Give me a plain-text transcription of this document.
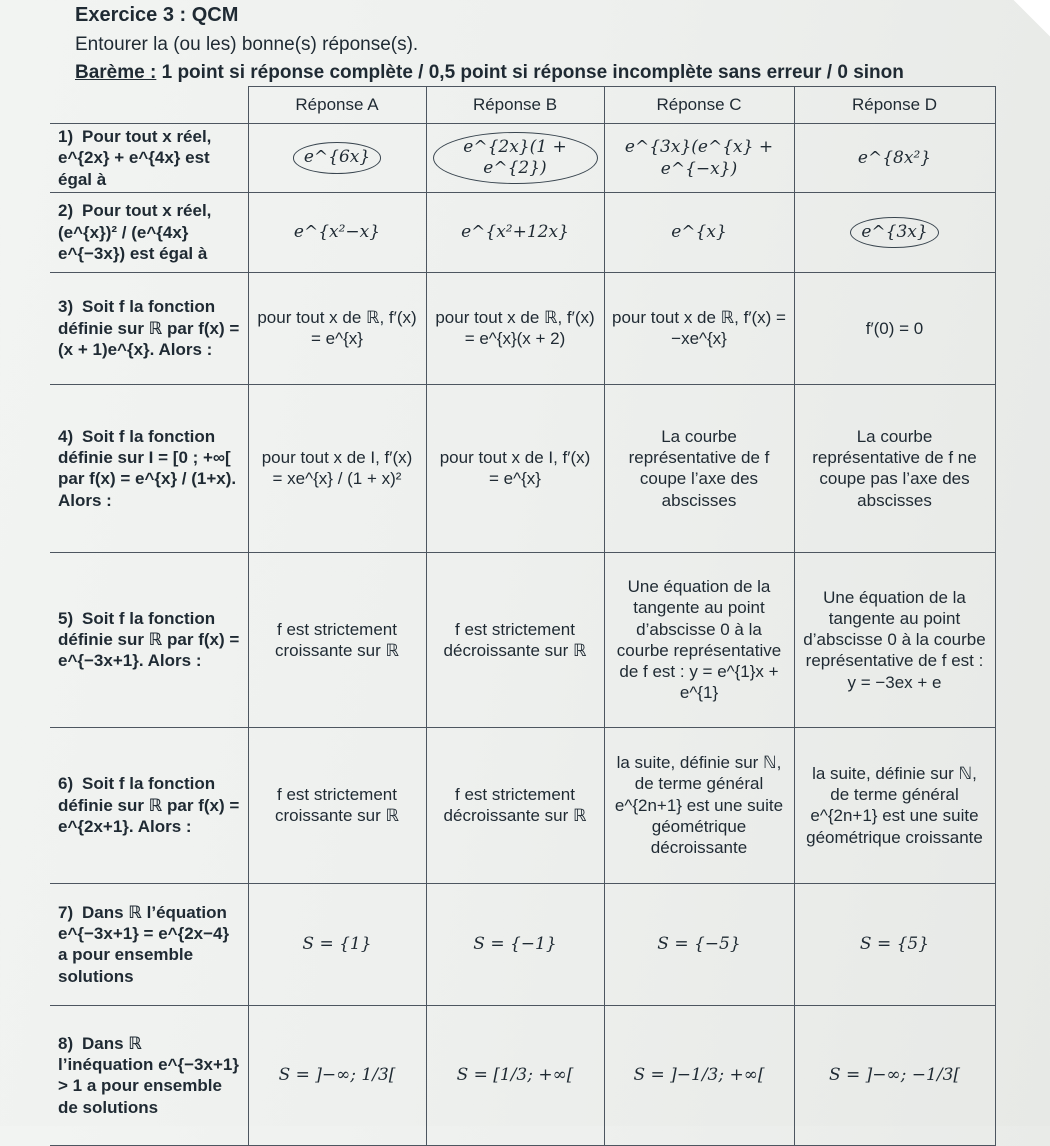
Exercice 3 : QCM
Entourer la (ou les) bonne(s) réponse(s).
Barème : 1 point si réponse complète / 0,5 point si réponse incomplète sans erreur / 0 sinon
	Réponse A	Réponse B	Réponse C	Réponse D
1) Pour tout x réel, e^{2x} + e^{4x} est égal à	e^{6x}	e^{2x}(1 + e^{2})	e^{3x}(e^{x} + e^{−x})	e^{8x²}
2) Pour tout x réel, (e^{x})² / (e^{4x} e^{−3x}) est égal à	e^{x²−x}	e^{x²+12x}	e^{x}	e^{3x}
3) Soit f la fonction définie sur ℝ par f(x) = (x + 1)e^{x}. Alors :	pour tout x de ℝ, f′(x) = e^{x}	pour tout x de ℝ, f′(x) = e^{x}(x + 2)	pour tout x de ℝ, f′(x) = −xe^{x}	f′(0) = 0
4) Soit f la fonction définie sur I = [0 ; +∞[ par f(x) = e^{x} / (1+x). Alors :	pour tout x de I, f′(x) = xe^{x} / (1 + x)²	pour tout x de I, f′(x) = e^{x}	La courbe représentative de f coupe l’axe des abscisses	La courbe représentative de f ne coupe pas l’axe des abscisses
5) Soit f la fonction définie sur ℝ par f(x) = e^{−3x+1}. Alors :	f est strictement croissante sur ℝ	f est strictement décroissante sur ℝ	Une équation de la tangente au point d’abscisse 0 à la courbe représentative de f est : y = e^{1}x + e^{1}	Une équation de la tangente au point d’abscisse 0 à la courbe représentative de f est : y = −3ex + e
6) Soit f la fonction définie sur ℝ par f(x) = e^{2x+1}. Alors :	f est strictement croissante sur ℝ	f est strictement décroissante sur ℝ	la suite, définie sur ℕ, de terme général e^{2n+1} est une suite géométrique décroissante	la suite, définie sur ℕ, de terme général e^{2n+1} est une suite géométrique croissante
7) Dans ℝ l’équation e^{−3x+1} = e^{2x−4} a pour ensemble solutions	S = {1}	S = {−1}	S = {−5}	S = {5}
8) Dans ℝ l’inéquation e^{−3x+1} > 1 a pour ensemble de solutions	S = ]−∞; 1/3[	S = [1/3; +∞[	S = ]−1/3; +∞[	S = ]−∞; −1/3[
